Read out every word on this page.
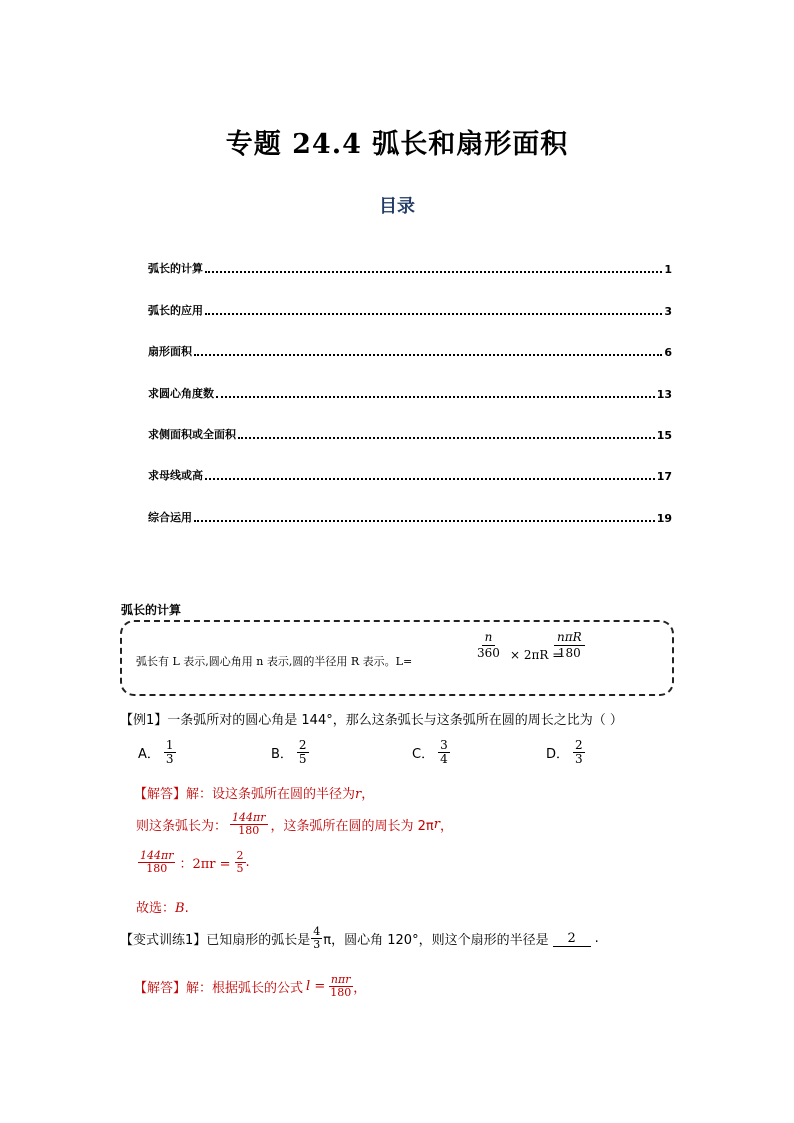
专题 24.4 弧长和扇形面积
目录
弧长的计算	1
弧长的应用	3
扇形面积	6
求圆心角度数	13
求侧面积或全面积	15
求母线或高	17
综合运用	19
弧长的计算
弧长有 L 表示,圆心角用 n 表示,圆的半径用 R 表示。L=
$\frac{n}{360} \times 2\pi R$ =
$\frac{\text{nπR}}{180}$
【例1】一条弧所对的圆心角是 144°，那么这条弧长与这条弧所在圆的周长之比为（ ）
A． $\frac{1}{3}$	B． $\frac{2}{5}$	C． $\frac{3}{4}$	D． $\frac{2}{3}$
【解答】解：设这条弧所在圆的半径为r，
则这条弧长为： $\frac{144\pi r}{180}$ ，这条弧所在圆的周长为 2π r ，
$\frac{144\pi r}{180}$ ：$2\pi r = \frac{2}{5}$ .
故选：B.
【变式训练1】 已知扇形的弧长是 $\frac{4}{3}$ π，圆心角 120°，则这个扇形的半径是	2	.
【解答】 解：根据弧长的公式 $l = \frac{\text{nπr}}{180}$ ，
